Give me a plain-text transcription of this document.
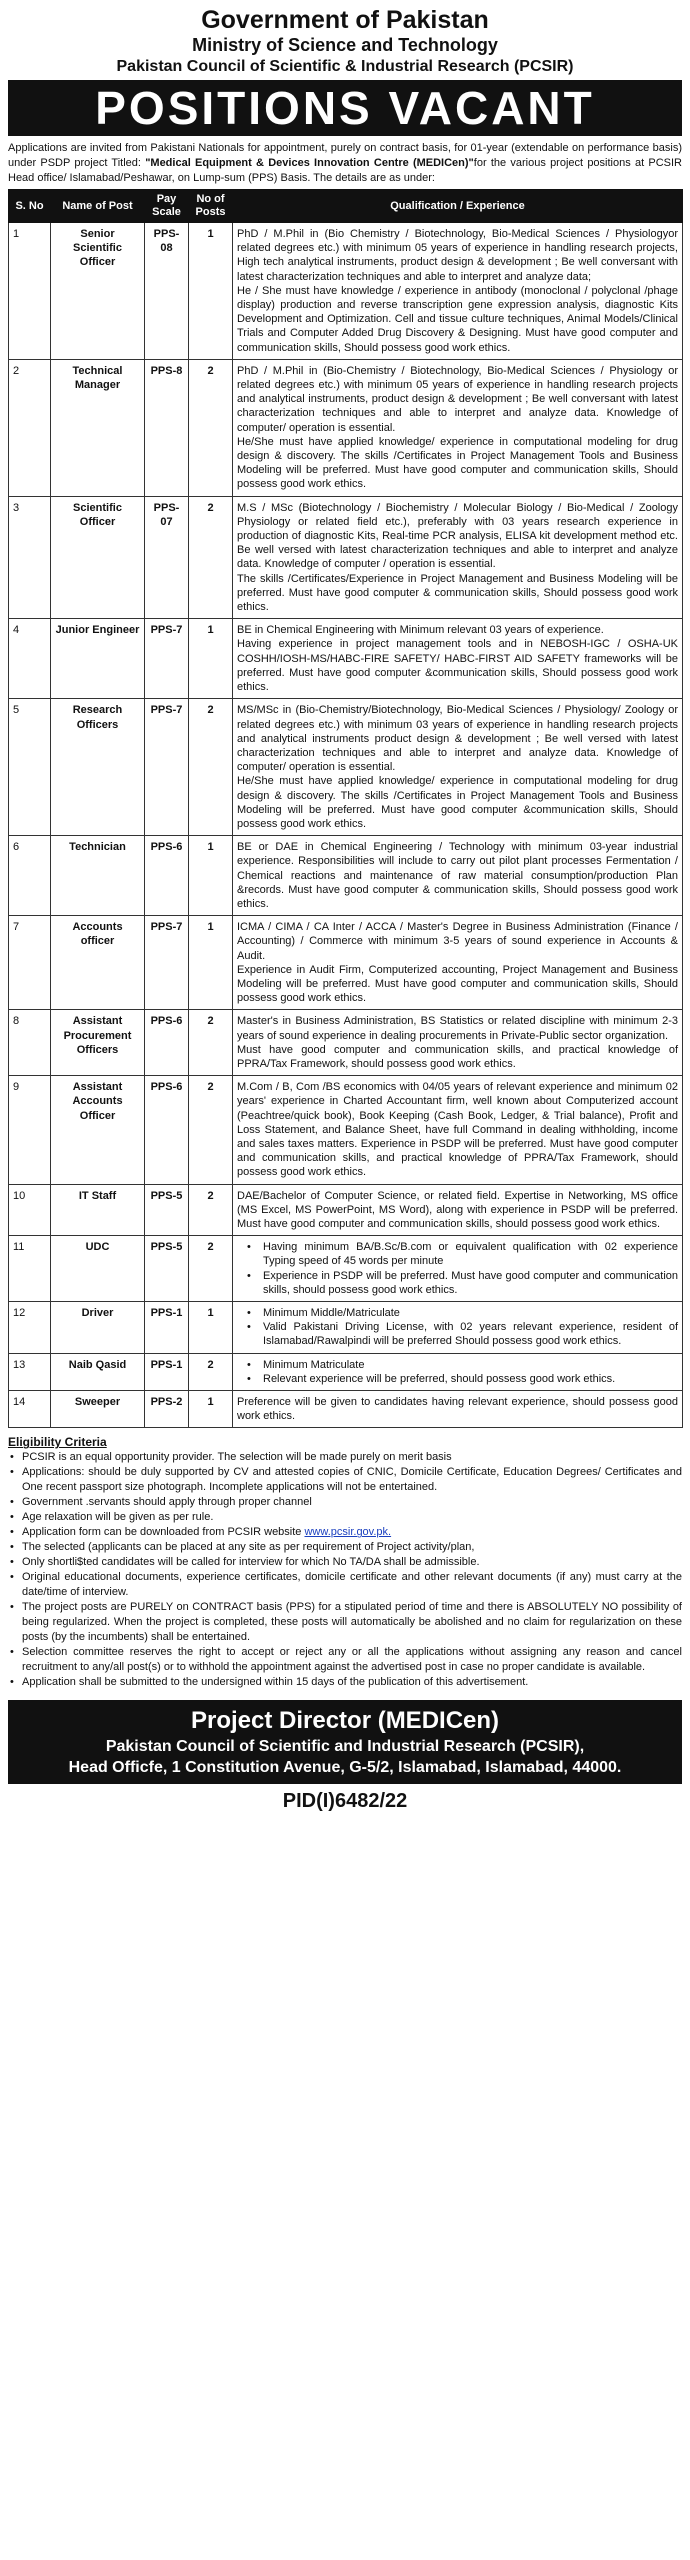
Government of Pakistan
Ministry of Science and Technology
Pakistan Council of Scientific & Industrial Research (PCSIR)
POSITIONS VACANT

Applications are invited from Pakistani Nationals for appointment, purely on contract basis, for 01-year (extendable on performance basis) under PSDP project Titled: "Medical Equipment & Devices Innovation Centre (MEDICen)"for the various project positions at PCSIR Head office/ Islamabad/Peshawar, on Lump-sum (PPS) Basis. The details are as under:

S. No	Name of Post	Pay Scale	No of Posts	Qualification / Experience
1	Senior Scientific Officer	PPS-08	1	PhD / M.Phil in (Bio Chemistry / Biotechnology, Bio-Medical Sciences / Physiologyor related degrees etc.) with minimum 05 years of experience in handling research projects, High tech analytical instruments, product design & development ; Be well conversant with latest characterization techniques and able to interpret and analyze data;
He / She must have knowledge / experience in antibody (monoclonal / polyclonal /phage display) production and reverse transcription gene expression analysis, diagnostic Kits Development and Optimization. Cell and tissue culture techniques, Animal Models/Clinical Trials and Computer Added Drug Discovery & Designing. Must have good computer and communication skills, Should possess good work ethics.

2	Technical Manager	PPS-8	2	PhD / M.Phil in (Bio-Chemistry / Biotechnology, Bio-Medical Sciences / Physiology or related degrees etc.) with minimum 05 years of experience in handling research projects and analytical instruments, product design & development ; Be well conversant with latest characterization techniques and able to interpret and analyze data. Knowledge of computer/ operation is essential.
He/She must have applied knowledge/ experience in computational modeling for drug design & discovery. The skills /Certificates in Project Management Tools and Business Modeling will be preferred. Must have good computer and communication skills, Should possess good work ethics.

3	Scientific Officer	PPS-07	2	M.S / MSc (Biotechnology / Biochemistry / Molecular Biology / Bio-Medical / Zoology Physiology or related field etc.), preferably with 03 years research experience in production of diagnostic Kits, Real-time PCR analysis, ELISA kit development method etc. Be well versed with latest characterization techniques and able to interpret and analyze data. Knowledge of computer / operation is essential.
The skills /Certificates/Experience in Project Management and Business Modeling will be preferred. Must have good computer & communication skills, Should possess good work ethics.

4	Junior Engineer	PPS-7	1	BE in Chemical Engineering with Minimum relevant 03 years of experience.
Having experience in project management tools and in NEBOSH-IGC / OSHA-UK COSHH/IOSH-MS/HABC-FIRE SAFETY/ HABC-FIRST AID SAFETY frameworks will be preferred. Must have good computer &communication skills, Should possess good work ethics.

5	Research Officers	PPS-7	2	MS/MSc in (Bio-Chemistry/Biotechnology, Bio-Medical Sciences / Physiology/ Zoology or related degrees etc.) with minimum 03 years of experience in handling research projects and analytical instruments product design & development ; Be well versed with latest characterization techniques and able to interpret and analyze data. Knowledge of computer/ operation is essential.
He/She must have applied knowledge/ experience in computational modeling for drug design & discovery. The skills /Certificates in Project Management Tools and Business Modeling will be preferred. Must have good computer &communication skills, Should possess good work ethics.

6	Technician	PPS-6	1	BE or DAE in Chemical Engineering / Technology with minimum 03-year industrial experience. Responsibilities will include to carry out pilot plant processes Fermentation / Chemical reactions and maintenance of raw material consumption/production Plan &records. Must have good computer & communication skills, Should possess good work ethics.

7	Accounts officer	PPS-7	1	ICMA / CIMA / CA Inter / ACCA / Master's Degree in Business Administration (Finance / Accounting) / Commerce with minimum 3-5 years of sound experience in Accounts & Audit.
Experience in Audit Firm, Computerized accounting, Project Management and Business Modeling will be preferred. Must have good computer and communication skills, Should possess good work ethics.

8	Assistant Procurement Officers	PPS-6	2	Master's in Business Administration, BS Statistics or related discipline with minimum 2-3 years of sound experience in dealing procurements in Private-Public sector organization.
Must have good computer and communication skills, and practical knowledge of PPRA/Tax Framework, should possess good work ethics.

9	Assistant Accounts Officer	PPS-6	2	M.Com / B, Com /BS economics with 04/05 years of relevant experience and minimum 02 years' experience in Charted Accountant firm, well known about Computerized account (Peachtree/quick book), Book Keeping (Cash Book, Ledger, & Trial balance), Profit and Loss Statement, and Balance Sheet, have full Command in dealing withholding, income and sales taxes matters. Experience in PSDP will be preferred. Must have good computer and communication skills, and practical knowledge of PPRA/Tax Framework, should possess good work ethics.

10	IT Staff	PPS-5	2	DAE/Bachelor of Computer Science, or related field. Expertise in Networking, MS office (MS Excel, MS PowerPoint, MS Word), along with experience in PSDP will be preferred. Must have good computer and communication skills, should possess good work ethics.

11	UDC	PPS-5	2	• Having minimum BA/B.Sc/B.com or equivalent qualification with 02 experience Typing speed of 45 words per minute
• Experience in PSDP will be preferred. Must have good computer and communication skills, should possess good work ethics.

12	Driver	PPS-1	1	• Minimum Middle/Matriculate
• Valid Pakistani Driving License, with 02 years relevant experience, resident of Islamabad/Rawalpindi will be preferred Should possess good work ethics.

13	Naib Qasid	PPS-1	2	• Minimum Matriculate
• Relevant experience will be preferred, should possess good work ethics.

14	Sweeper	PPS-2	1	Preference will be given to candidates having relevant experience, should possess good work ethics.
Eligibility Criteria
• PCSIR is an equal opportunity provider. The selection will be made purely on merit basis
• Applications: should be duly supported by CV and attested copies of CNIC, Domicile Certificate, Education Degrees/ Certificates and One recent passport size photograph. Incomplete applications will not be entertained.
• Government .servants should apply through proper channel
• Age relaxation will be given as per rule.
• Application form can be downloaded from PCSIR website www.pcsir.gov.pk.
• The selected (applicants can be placed at any site as per requirement of Project activity/plan,
• Only shortli$ted candidates will be called for interview for which No TA/DA shall be admissible.
• Original educational documents, experience certificates, domicile certificate and other relevant documents (if any) must carry at the date/time of interview.
• The project posts are PURELY on CONTRACT basis (PPS) for a stipulated period of time and there is ABSOLUTELY NO possibility of being regularized. When the project is completed, these posts will automatically be abolished and no claim for regularization on these posts (by the incumbents) shall be entertained.
• Selection committee reserves the right to accept or reject any or all the applications without assigning any reason and cancel recruitment to any/all post(s) or to withhold the appointment against the advertised post in case no proper candidate is available.
• Application shall be submitted to the undersigned within 15 days of the publication of this advertisement.
Project Director (MEDICen)
Pakistan Council of Scientific and Industrial Research (PCSIR),
Head Officfe, 1 Constitution Avenue, G-5/2, Islamabad, Islamabad, 44000.
PID(I)6482/22
